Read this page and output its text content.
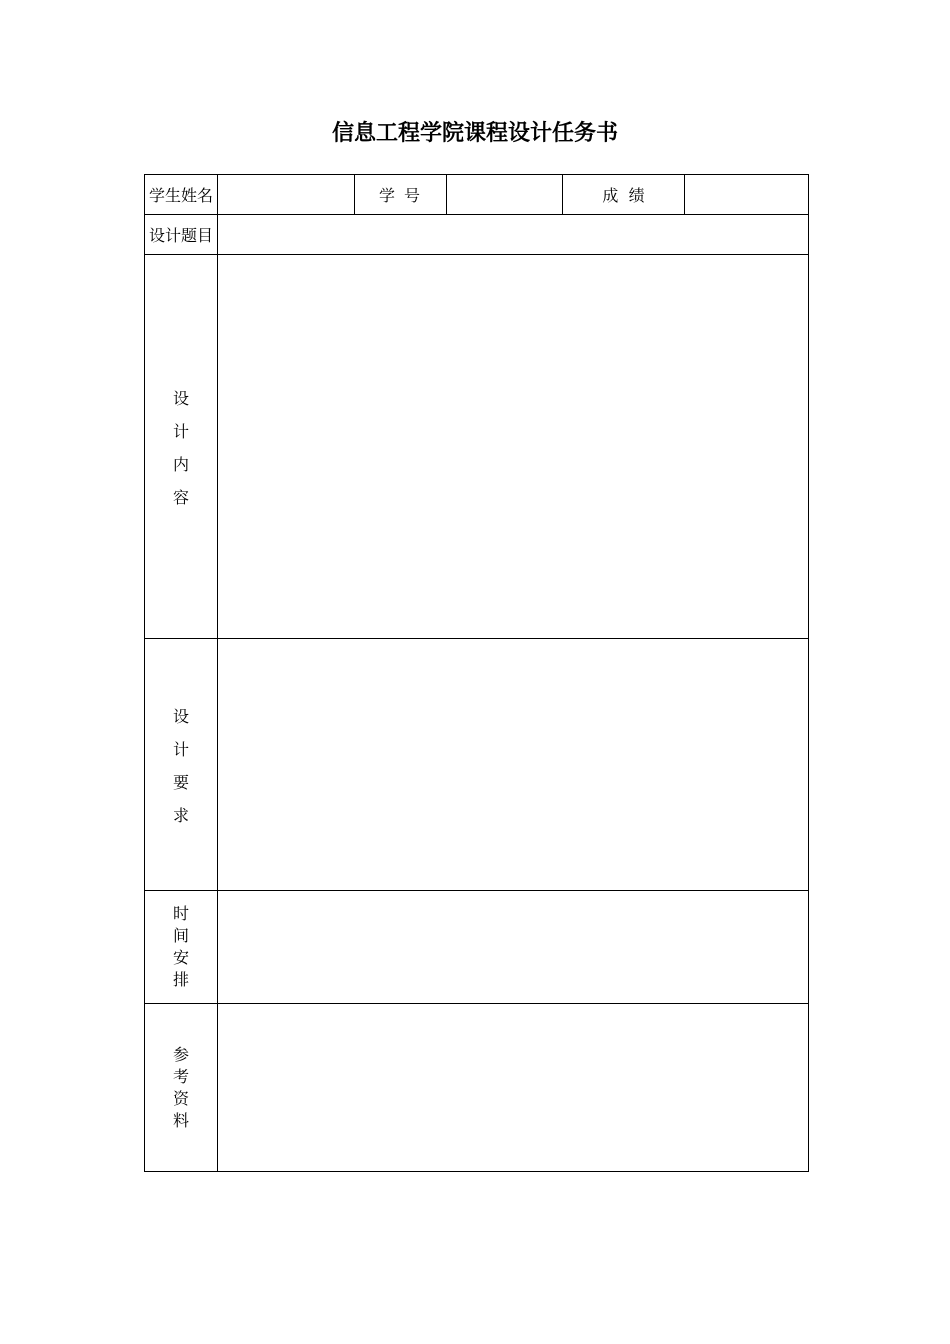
信息工程学院课程设计任务书
学生姓名		学 号		成  绩	
设计题目					

设
计
内
容					

设
计
要
求					

时
间
安
排					

参
考
资
料					
